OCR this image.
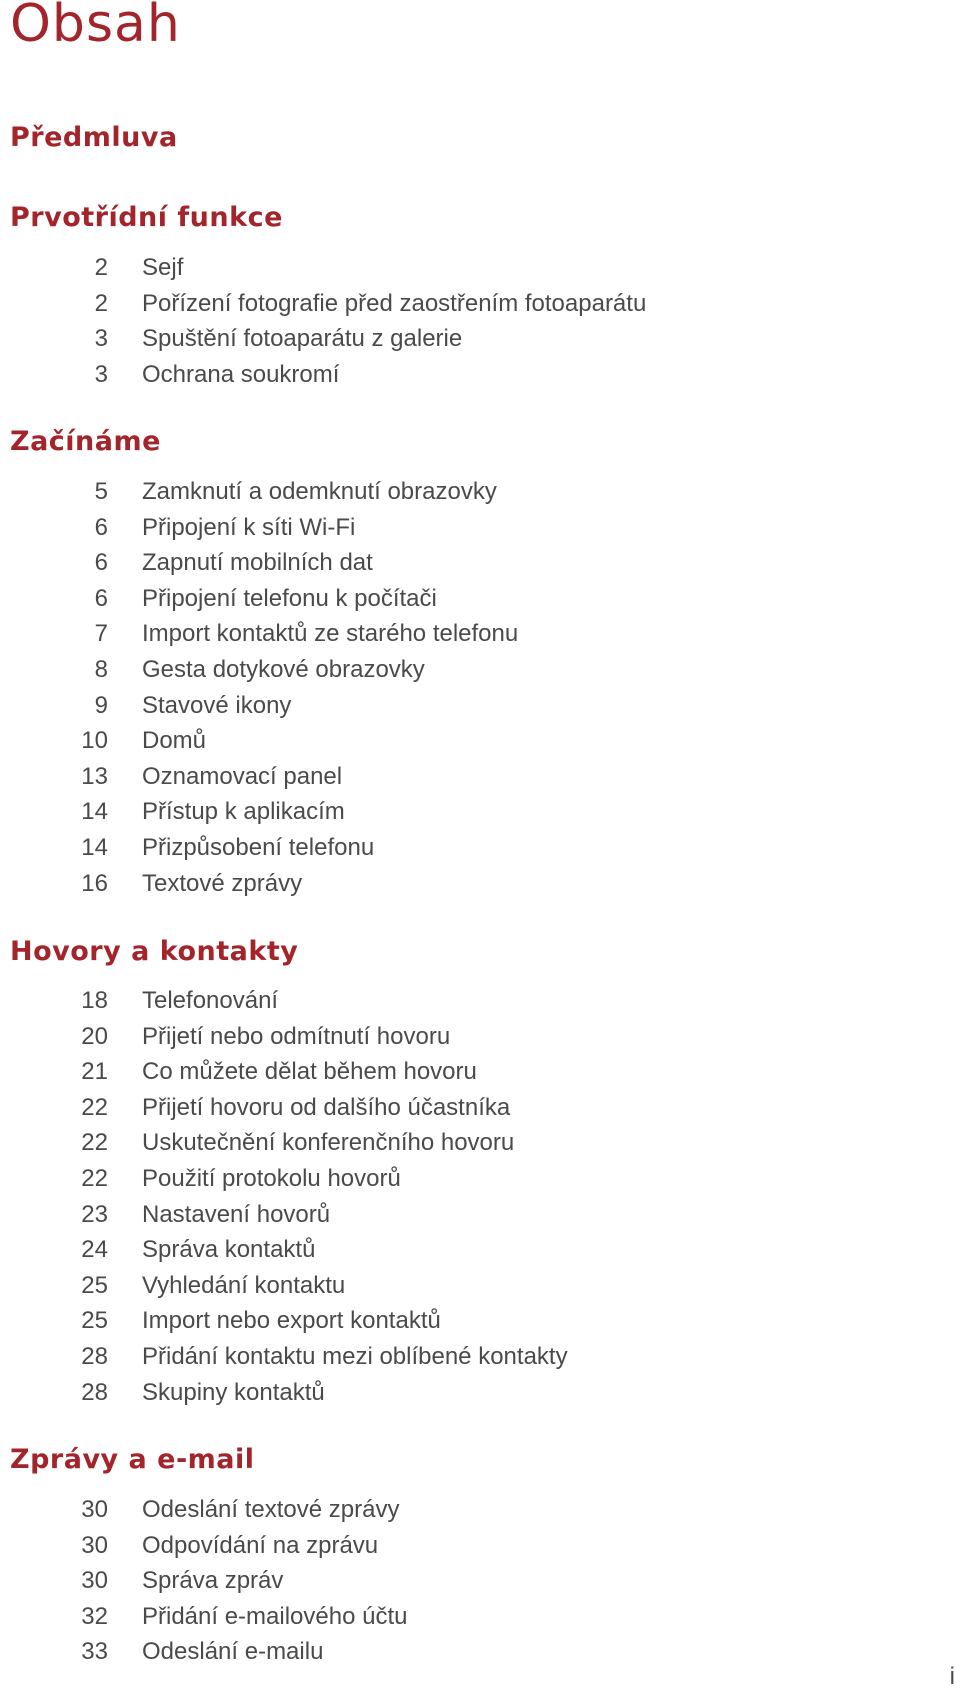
Obsah
Předmluva
Prvotřídní funkce
2 Sejf
2 Pořízení fotografie před zaostřením fotoaparátu
3 Spuštění fotoaparátu z galerie
3 Ochrana soukromí
Začínáme
5 Zamknutí a odemknutí obrazovky
6 Připojení k síti Wi-Fi
6 Zapnutí mobilních dat
6 Připojení telefonu k počítači
7 Import kontaktů ze starého telefonu
8 Gesta dotykové obrazovky
9 Stavové ikony
10 Domů
13 Oznamovací panel
14 Přístup k aplikacím
14 Přizpůsobení telefonu
16 Textové zprávy
Hovory a kontakty
18 Telefonování
20 Přijetí nebo odmítnutí hovoru
21 Co můžete dělat během hovoru
22 Přijetí hovoru od dalšího účastníka
22 Uskutečnění konferenčního hovoru
22 Použití protokolu hovorů
23 Nastavení hovorů
24 Správa kontaktů
25 Vyhledání kontaktu
25 Import nebo export kontaktů
28 Přidání kontaktu mezi oblíbené kontakty
28 Skupiny kontaktů
Zprávy a e-mail
30 Odeslání textové zprávy
30 Odpovídání na zprávu
30 Správa zpráv
32 Přidání e-mailového účtu
33 Odeslání e-mailu
i
